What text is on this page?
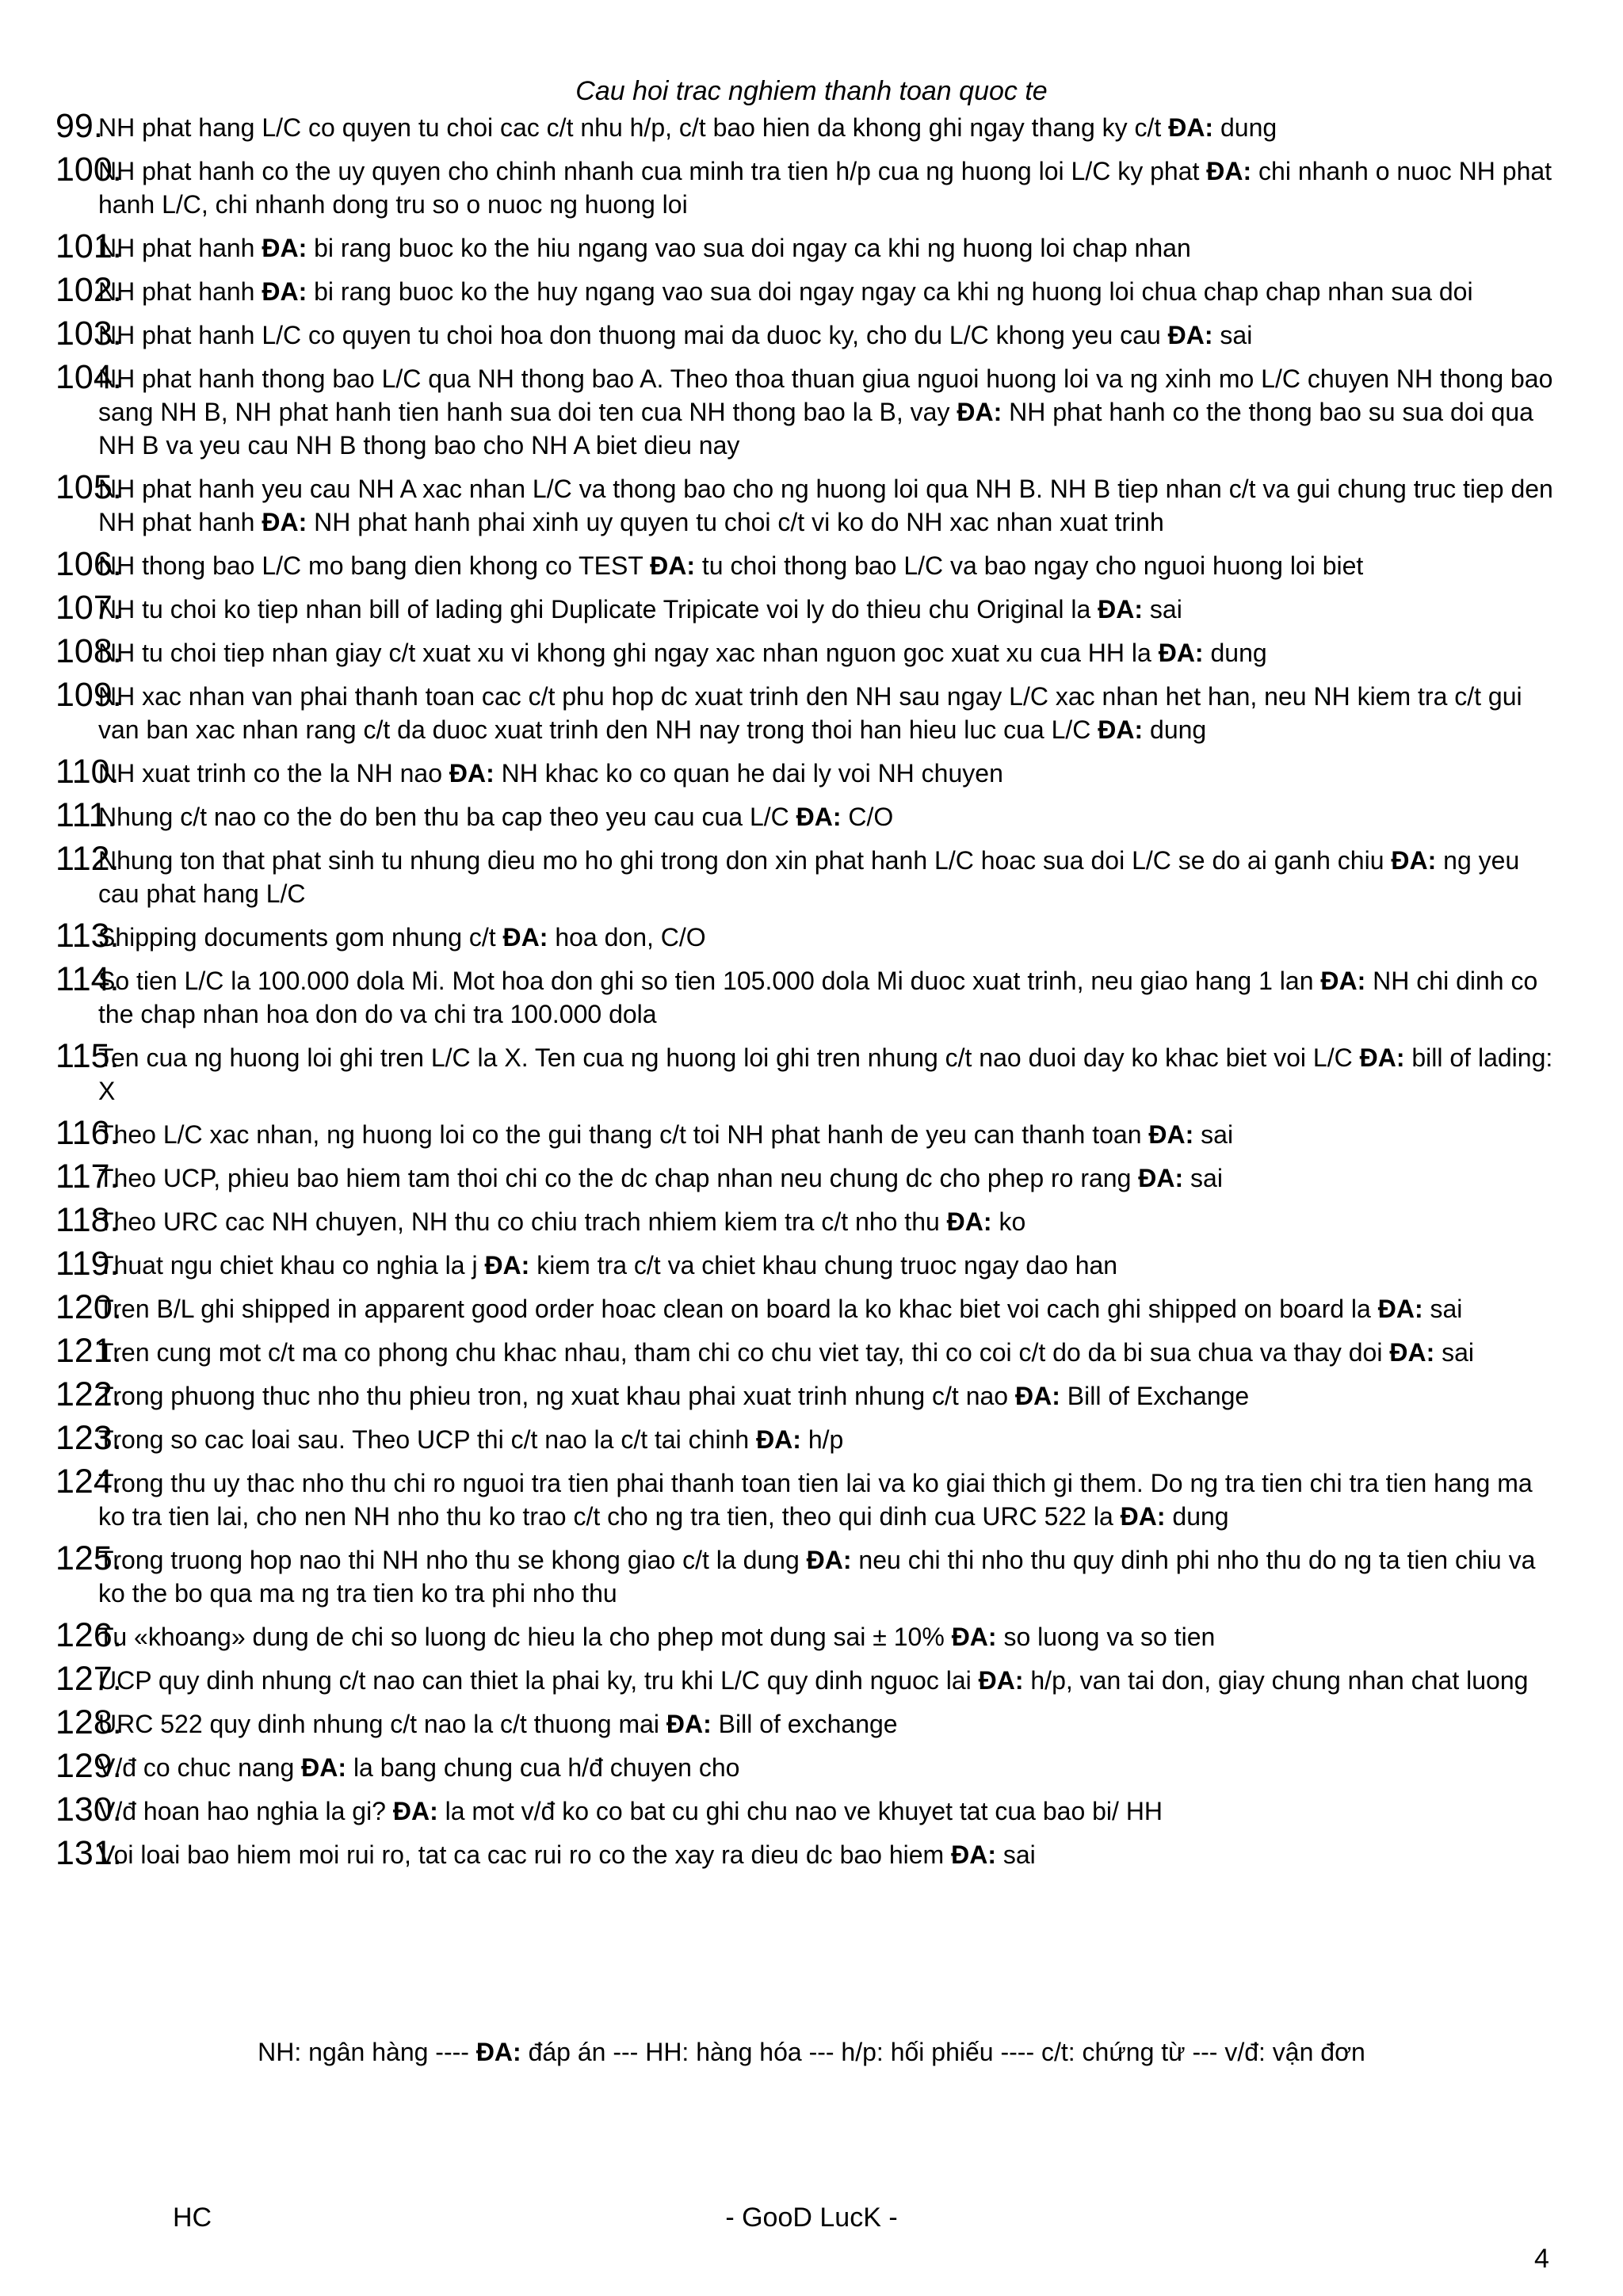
Cau hoi trac nghiem thanh toan quoc te
99.
NH phat hang L/C co quyen tu choi cac c/t nhu h/p, c/t bao hien da khong ghi ngay thang ky c/t ĐA: dung
100.
NH phat hanh co the uy quyen cho chinh nhanh cua minh tra tien h/p cua ng huong loi L/C ky phat ĐA: chi nhanh o nuoc NH phat hanh L/C, chi nhanh dong tru so o nuoc ng huong loi
101.
NH phat hanh ĐA: bi rang buoc ko the hiu ngang vao sua doi ngay ca khi ng huong loi chap nhan
102.
NH phat hanh ĐA: bi rang buoc ko the huy ngang vao sua doi ngay ngay ca khi ng huong loi chua chap chap nhan sua doi
103.
NH phat hanh L/C co quyen tu choi hoa don thuong mai da duoc ky, cho du L/C khong yeu cau ĐA: sai
104.
NH phat hanh thong bao L/C qua NH thong bao A. Theo thoa thuan giua nguoi huong loi va ng xinh mo L/C chuyen NH thong bao sang NH B, NH phat hanh tien hanh sua doi ten cua NH thong bao la B, vay ĐA: NH phat hanh co the thong bao su sua doi qua NH B va yeu cau NH B thong bao cho NH A biet dieu nay
105.
NH phat hanh yeu cau NH A xac nhan L/C va thong bao cho ng huong loi qua NH B. NH B tiep nhan c/t va gui chung truc tiep den NH phat hanh ĐA: NH phat hanh phai xinh uy quyen tu choi c/t vi ko do NH xac nhan xuat trinh
106.
NH thong bao L/C mo bang dien khong co TEST ĐA: tu choi thong bao L/C va bao ngay cho nguoi huong loi biet
107.
NH tu choi ko tiep nhan bill of lading ghi Duplicate Tripicate voi ly do thieu chu Original la ĐA: sai
108.
NH tu choi tiep nhan giay c/t xuat xu vi khong ghi ngay xac nhan nguon goc xuat xu cua HH la ĐA: dung
109.
NH xac nhan van phai thanh toan cac c/t phu hop dc xuat trinh den NH sau ngay L/C xac nhan het han, neu NH kiem tra c/t gui van ban xac nhan rang c/t da duoc xuat trinh den NH nay trong thoi han hieu luc cua L/C ĐA: dung
110.
NH xuat trinh co the la NH nao ĐA: NH khac ko co quan he dai ly voi NH chuyen
111.
Nhung c/t nao co the do ben thu ba cap theo yeu cau cua L/C ĐA: C/O
112.
Nhung ton that phat sinh tu nhung dieu mo ho ghi trong don xin phat hanh L/C hoac sua doi L/C se do ai ganh chiu ĐA: ng yeu cau phat hang L/C
113.
Shipping documents gom nhung c/t ĐA: hoa don, C/O
114.
So tien L/C la 100.000 dola Mi. Mot hoa don ghi so tien 105.000 dola Mi duoc xuat trinh, neu giao hang 1 lan ĐA: NH chi dinh co the chap nhan hoa don do va chi tra 100.000 dola
115.
Ten cua ng huong loi ghi tren L/C la X. Ten cua ng huong loi ghi tren nhung c/t nao duoi day ko khac biet voi L/C ĐA: bill of lading: X
116.
Theo L/C xac nhan, ng huong loi co the gui thang c/t toi NH phat hanh de yeu can thanh toan ĐA: sai
117.
Theo UCP, phieu bao hiem tam thoi chi co the dc chap nhan neu chung dc cho phep ro rang ĐA: sai
118.
Theo URC cac NH chuyen, NH thu co chiu trach nhiem kiem tra c/t nho thu ĐA: ko
119.
Thuat ngu chiet khau co nghia la j ĐA: kiem tra c/t va chiet khau chung truoc ngay dao han
120.
Tren B/L ghi shipped in apparent good order hoac clean on board la ko khac biet voi cach ghi shipped on board la ĐA: sai
121.
Tren cung mot c/t ma co phong chu khac nhau, tham chi co chu viet tay, thi co coi c/t do da bi sua chua va thay doi ĐA: sai
122.
Trong phuong thuc nho thu phieu tron, ng xuat khau phai xuat trinh nhung c/t nao ĐA: Bill of Exchange
123.
Trong so cac loai sau. Theo UCP thi c/t nao la c/t tai chinh ĐA: h/p
124.
Trong thu uy thac nho thu chi ro nguoi tra tien phai thanh toan tien lai va ko giai thich gi them. Do ng tra tien chi tra tien hang ma ko tra tien lai, cho nen NH nho thu ko trao c/t cho ng tra tien, theo qui dinh cua URC 522 la ĐA: dung
125.
Trong truong hop nao thi NH nho thu se khong giao c/t la dung ĐA: neu chi thi nho thu quy dinh phi nho thu do ng ta tien chiu va ko the bo qua ma ng tra tien ko tra phi nho thu
126.
Tu «khoang» dung de chi so luong dc hieu la cho phep mot dung sai ± 10% ĐA: so luong va so tien
127.
UCP quy dinh nhung c/t nao can thiet la phai ky, tru khi L/C quy dinh nguoc lai ĐA: h/p, van tai don, giay chung nhan chat luong
128.
URC 522 quy dinh nhung c/t nao la c/t thuong mai ĐA: Bill of exchange
129.
V/đ co chuc nang ĐA: la bang chung cua h/đ chuyen cho
130.
V/đ hoan hao nghia la gi? ĐA: la mot v/đ ko co bat cu ghi chu nao ve khuyet tat cua bao bi/ HH
131.
Voi loai bao hiem moi rui ro, tat ca cac rui ro co the xay ra dieu dc bao hiem ĐA: sai
NH: ngân hàng ---- ĐA: đáp án --- HH: hàng hóa --- h/p: hối phiếu ---- c/t: chứng từ --- v/đ: vận đơn
HC	- GooD LucK -
4
